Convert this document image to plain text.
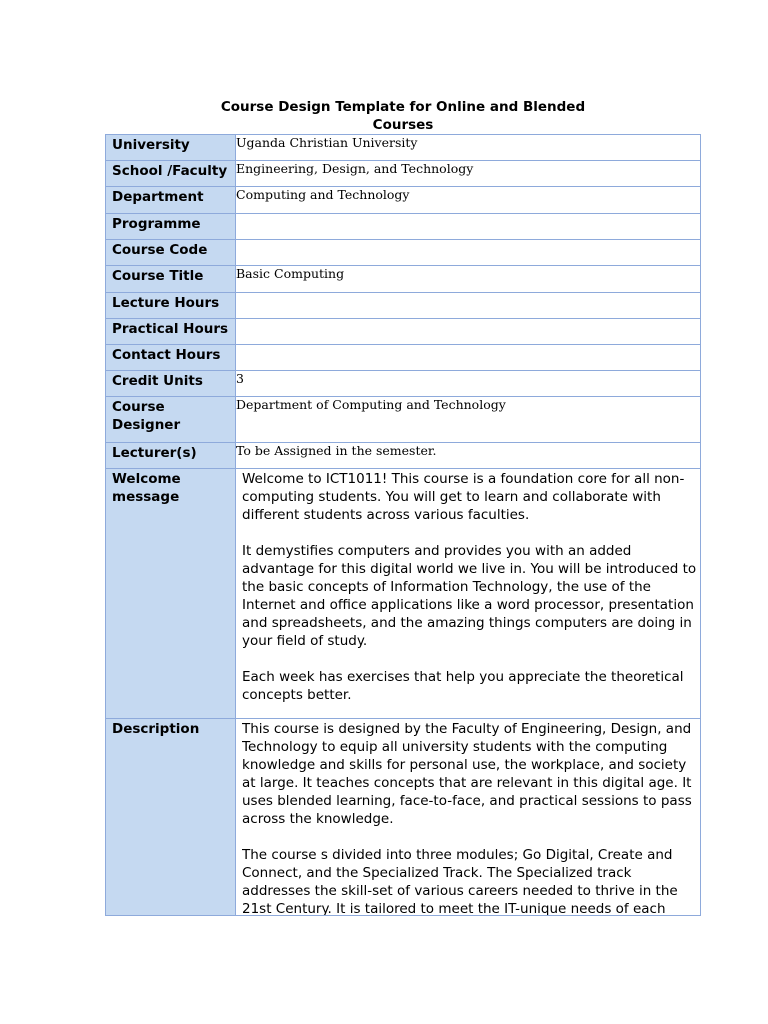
Course Design Template for Online and Blended
Courses
University	Uganda Christian University

School /Faculty	Engineering, Design, and Technology

Department	Computing and Technology

Programme	

Course Code	

Course Title	Basic Computing

Lecture Hours	

Practical Hours	

Contact Hours	

Credit Units	3

Course Designer	Department of Computing and Technology

Lecturer(s)	To be Assigned in the semester.

Welcome message	Welcome to ICT1011! This course is a foundation core for all non-computing students. You will get to learn and collaborate with different students across various faculties.

It demystifies computers and provides you with an added advantage for this digital world we live in. You will be introduced to the basic concepts of Information Technology, the use of the Internet and office applications like a word processor, presentation and spreadsheets, and the amazing things computers are doing in your field of study.

Each week has exercises that help you appreciate the theoretical concepts better.

Description	This course is designed by the Faculty of Engineering, Design, and Technology to equip all university students with the computing knowledge and skills for personal use, the workplace, and society at large. It teaches concepts that are relevant in this digital age. It uses blended learning, face-to-face, and practical sessions to pass across the knowledge.

The course s divided into three modules; Go Digital, Create and Connect, and the Specialized Track. The Specialized track addresses the skill-set of various careers needed to thrive in the 21st Century. It is tailored to meet the IT-unique needs of each
